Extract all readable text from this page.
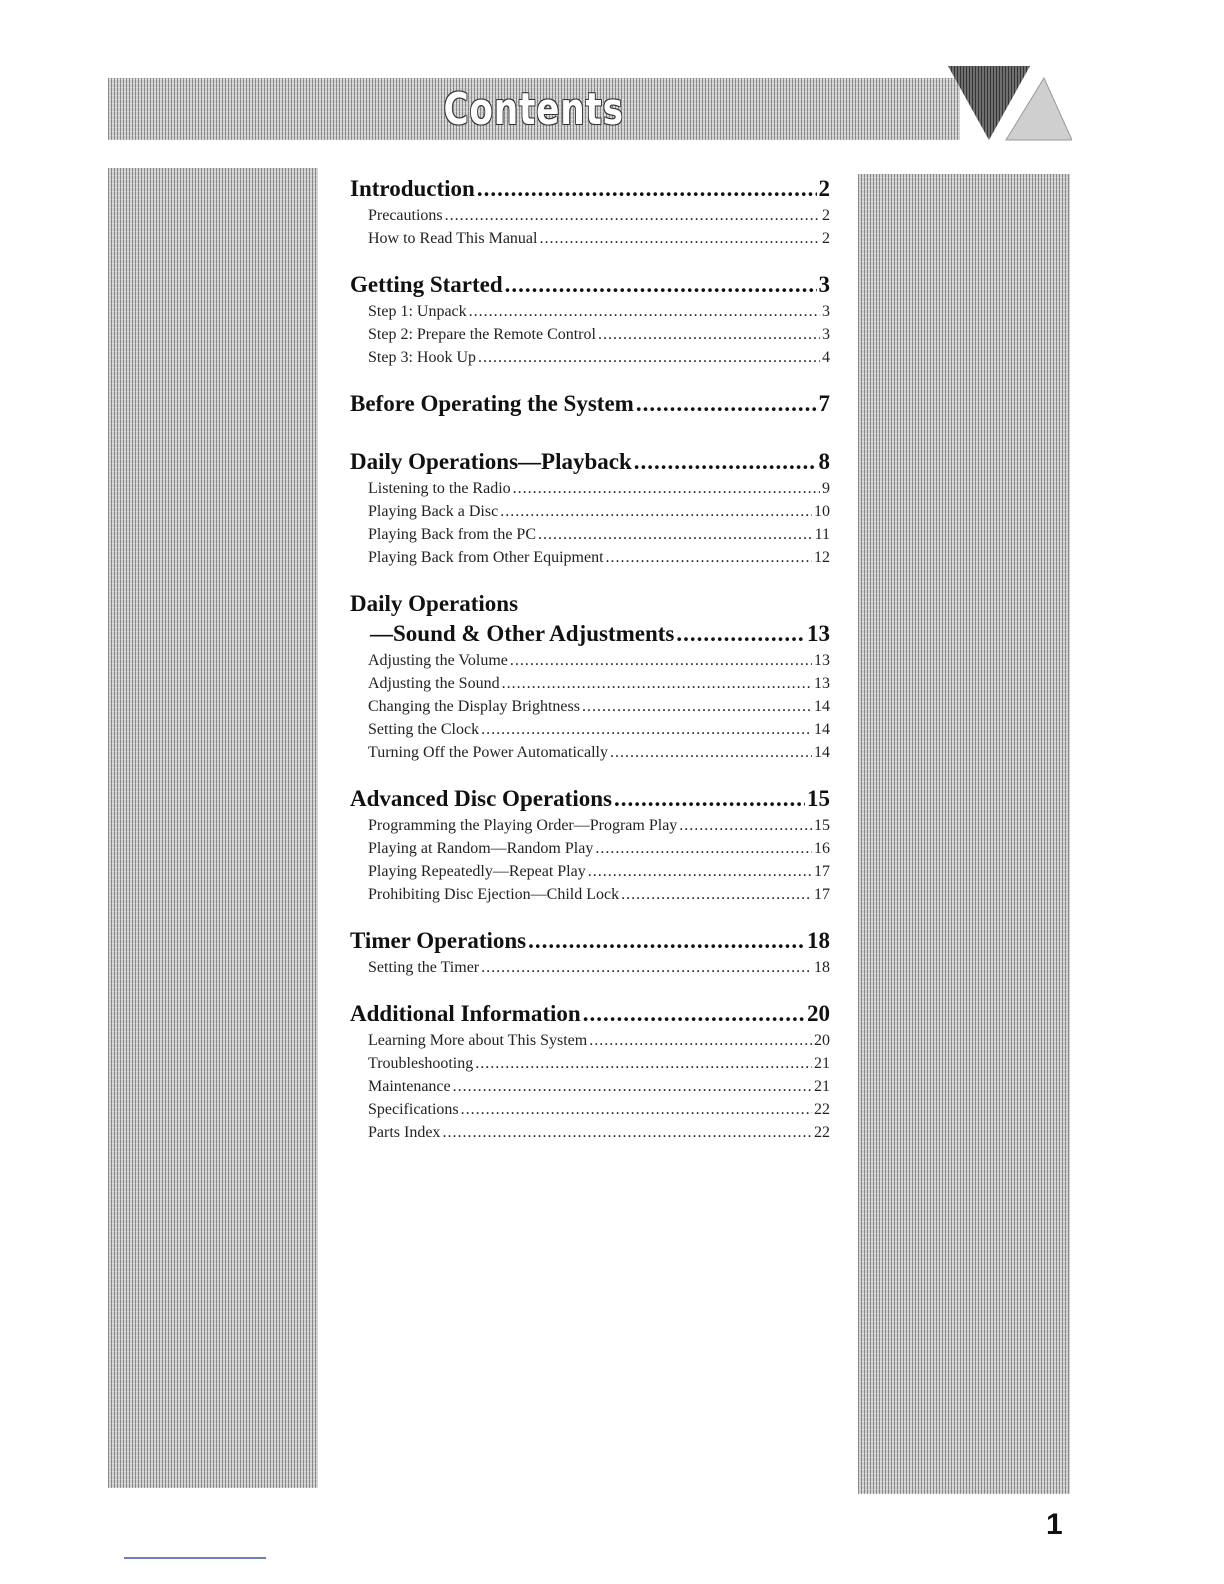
Contents
Introduction .....	2
Precautions .....	2
How to Read This Manual .....	2
Getting Started .....	3
Step 1: Unpack .....	3
Step 2: Prepare the Remote Control .....	3
Step 3: Hook Up .....	4
Before Operating the System .....	7
Daily Operations—Playback .....	8
Listening to the Radio .....	9
Playing Back a Disc .....	10
Playing Back from the PC .....	11
Playing Back from Other Equipment .....	12
Daily Operations
—Sound & Other Adjustments .....	13
Adjusting the Volume .....	13
Adjusting the Sound .....	13
Changing the Display Brightness .....	14
Setting the Clock .....	14
Turning Off the Power Automatically .....	14
Advanced Disc Operations .....	15
Programming the Playing Order—Program Play .....	15
Playing at Random—Random Play .....	16
Playing Repeatedly—Repeat Play .....	17
Prohibiting Disc Ejection—Child Lock .....	17
Timer Operations .....	18
Setting the Timer .....	18
Additional Information .....	20
Learning More about This System .....	20
Troubleshooting .....	21
Maintenance .....	21
Specifications .....	22
Parts Index .....	22
1
